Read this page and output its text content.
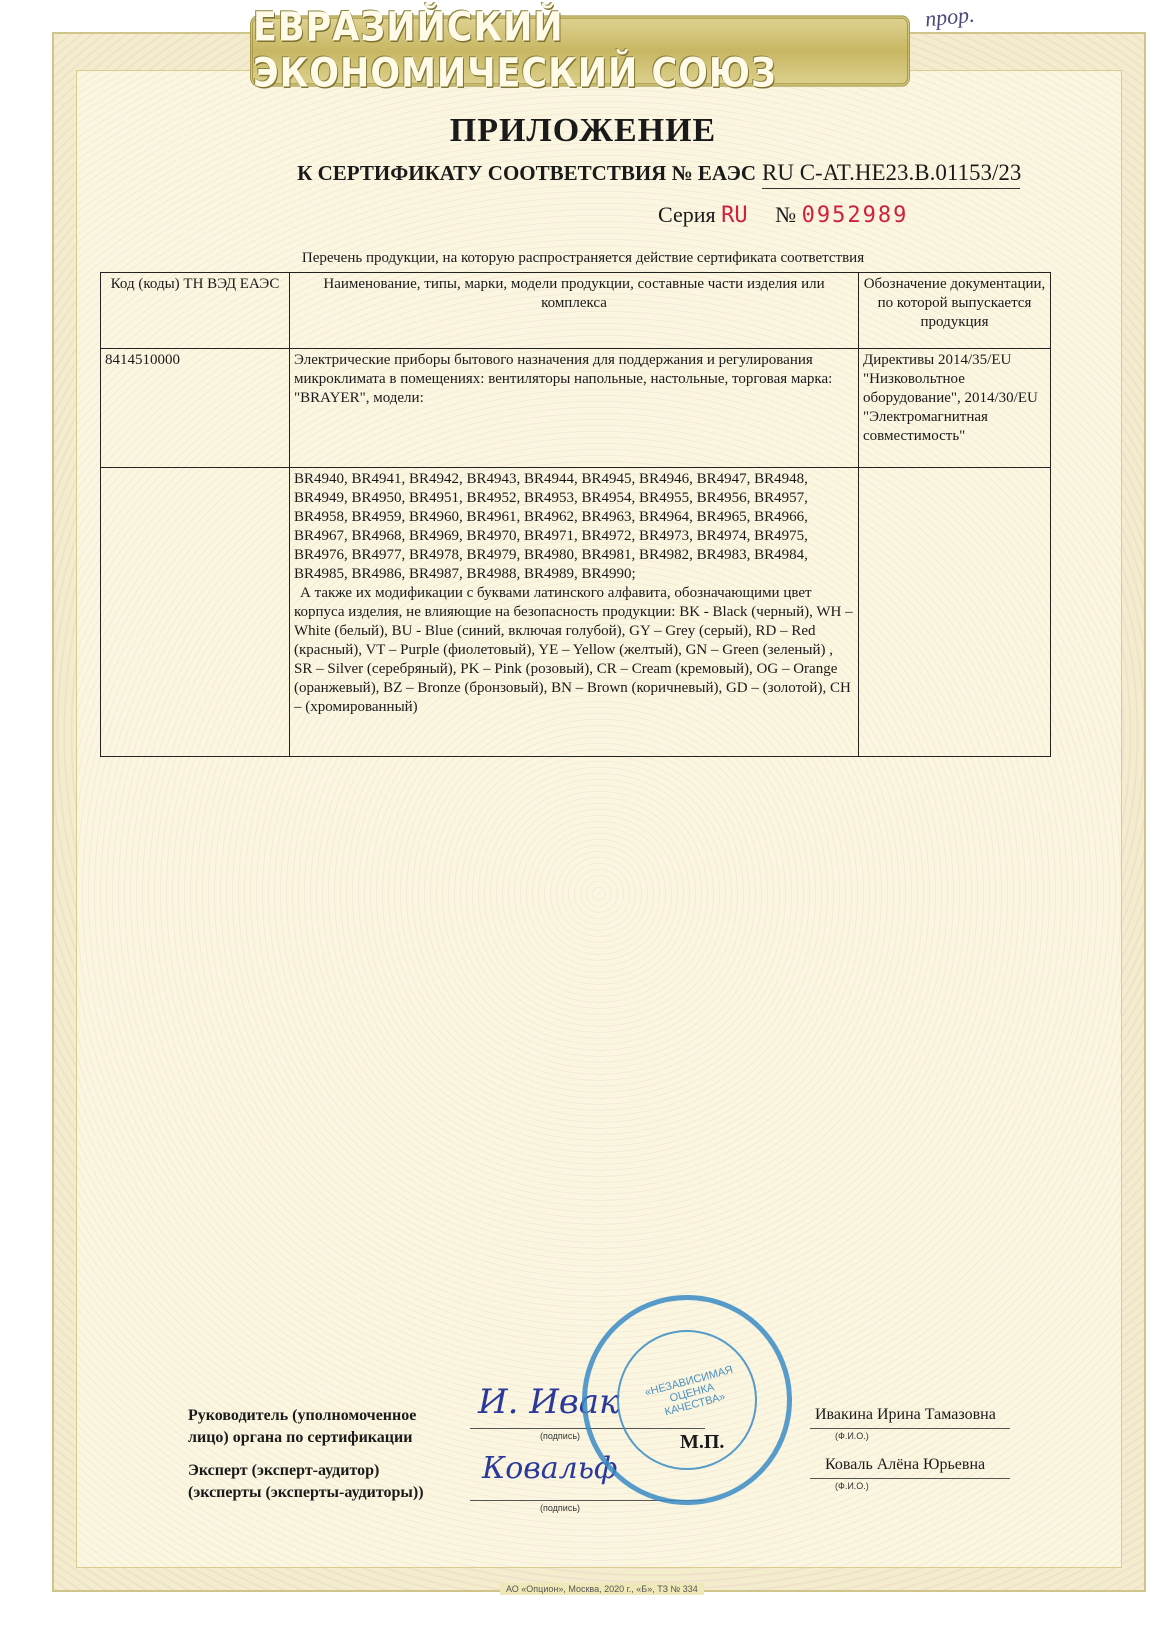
ЕВРАЗИЙСКИЙ ЭКОНОМИЧЕСКИЙ СОЮЗ
прор.
ПРИЛОЖЕНИЕ
К СЕРТИФИКАТУ СООТВЕТСТВИЯ № ЕАЭС RU C-AT.HE23.B.01153/23
Серия RU № 0952989
Перечень продукции, на которую распространяется действие сертификата соответствия
Код (коды) ТН ВЭД ЕАЭС	Наименование, типы, марки, модели продукции, составные части изделия или комплекса	Обозначение документации, по которой выпускается продукция
8414510000	Электрические приборы бытового назначения для поддержания и регулирования микроклимата в помещениях: вентиляторы напольные, настольные, торговая марка: "BRAYER", модели:	Директивы 2014/35/EU "Низковольтное оборудование", 2014/30/EU "Электромагнитная совместимость"

	BR4940, BR4941, BR4942, BR4943, BR4944, BR4945, BR4946, BR4947, BR4948, BR4949, BR4950, BR4951, BR4952, BR4953, BR4954, BR4955, BR4956, BR4957, BR4958, BR4959, BR4960, BR4961, BR4962, BR4963, BR4964, BR4965, BR4966, BR4967, BR4968, BR4969, BR4970, BR4971, BR4972, BR4973, BR4974, BR4975, BR4976, BR4977, BR4978, BR4979, BR4980, BR4981, BR4982, BR4983, BR4984, BR4985, BR4986, BR4987, BR4988, BR4989, BR4990;
А также их модификации с буквами латинского алфавита, обозначающими цвет корпуса изделия, не влияющие на безопасность продукции: BK - Black (черный), WH – White (белый), BU - Blue (синий, включая голубой), GY – Grey (серый), RD – Red (красный), VT – Purple (фиолетовый), YE – Yellow (желтый), GN – Green (зеленый) , SR – Silver (серебряный), PK – Pink (розовый), CR – Cream (кремовый), OG – Orange (оранжевый), BZ – Bronze (бронзовый), BN – Brown (коричневый), GD – (золотой), CH – (хромированный)	

Руководитель (уполномоченное
лицо) органа по сертификации
Эксперт (эксперт-аудитор)
(эксперты (эксперты-аудиторы))
(подпись)
(подпись)
И. Ивак
Ковальф
«НЕЗАВИСИМАЯ ОЦЕНКА КАЧЕСТВА»
М.П.
Ивакина Ирина Тамазовна
(Ф.И.О.)
Коваль Алёна Юрьевна
(Ф.И.О.)
АО «Опцион», Москва, 2020 г., «Б», ТЗ № 334
